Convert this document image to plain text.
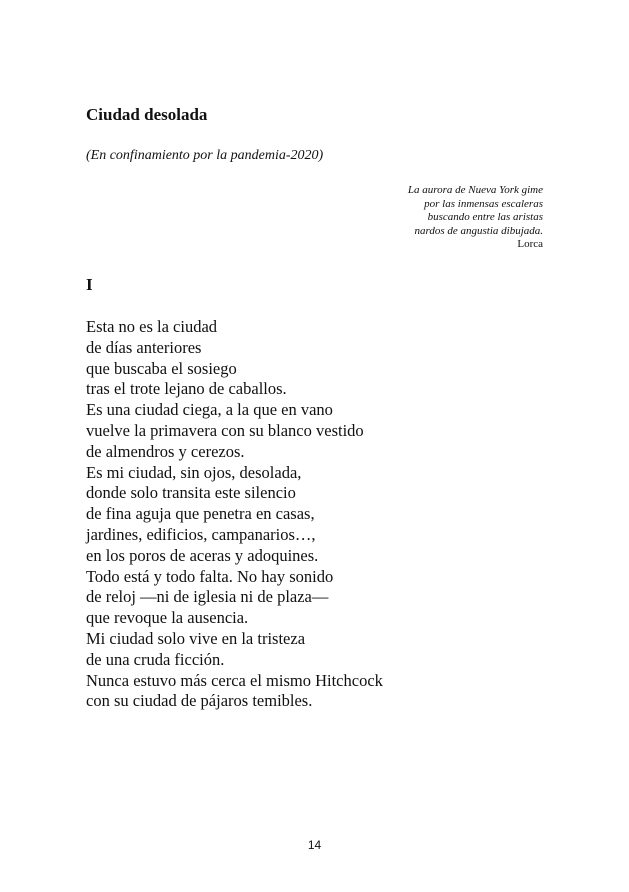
Ciudad desolada

(En confinamiento por la pandemia-2020)

La aurora de Nueva York gime
por las inmensas escaleras
buscando entre las aristas
nardos de angustia dibujada.
Lorca
I
Esta no es la ciudad
de días anteriores
que buscaba el sosiego
tras el trote lejano de caballos.
Es una ciudad ciega, a la que en vano
vuelve la primavera con su blanco vestido
de almendros y cerezos.
Es mi ciudad, sin ojos, desolada,
donde solo transita este silencio
de fina aguja que penetra en casas,
jardines, edificios, campanarios…,
en los poros de aceras y adoquines.
Todo está y todo falta. No hay sonido
de reloj —ni de iglesia ni de plaza—
que revoque la ausencia.
Mi ciudad solo vive en la tristeza
de una cruda ficción.
Nunca estuvo más cerca el mismo Hitchcock
con su ciudad de pájaros temibles.
14
